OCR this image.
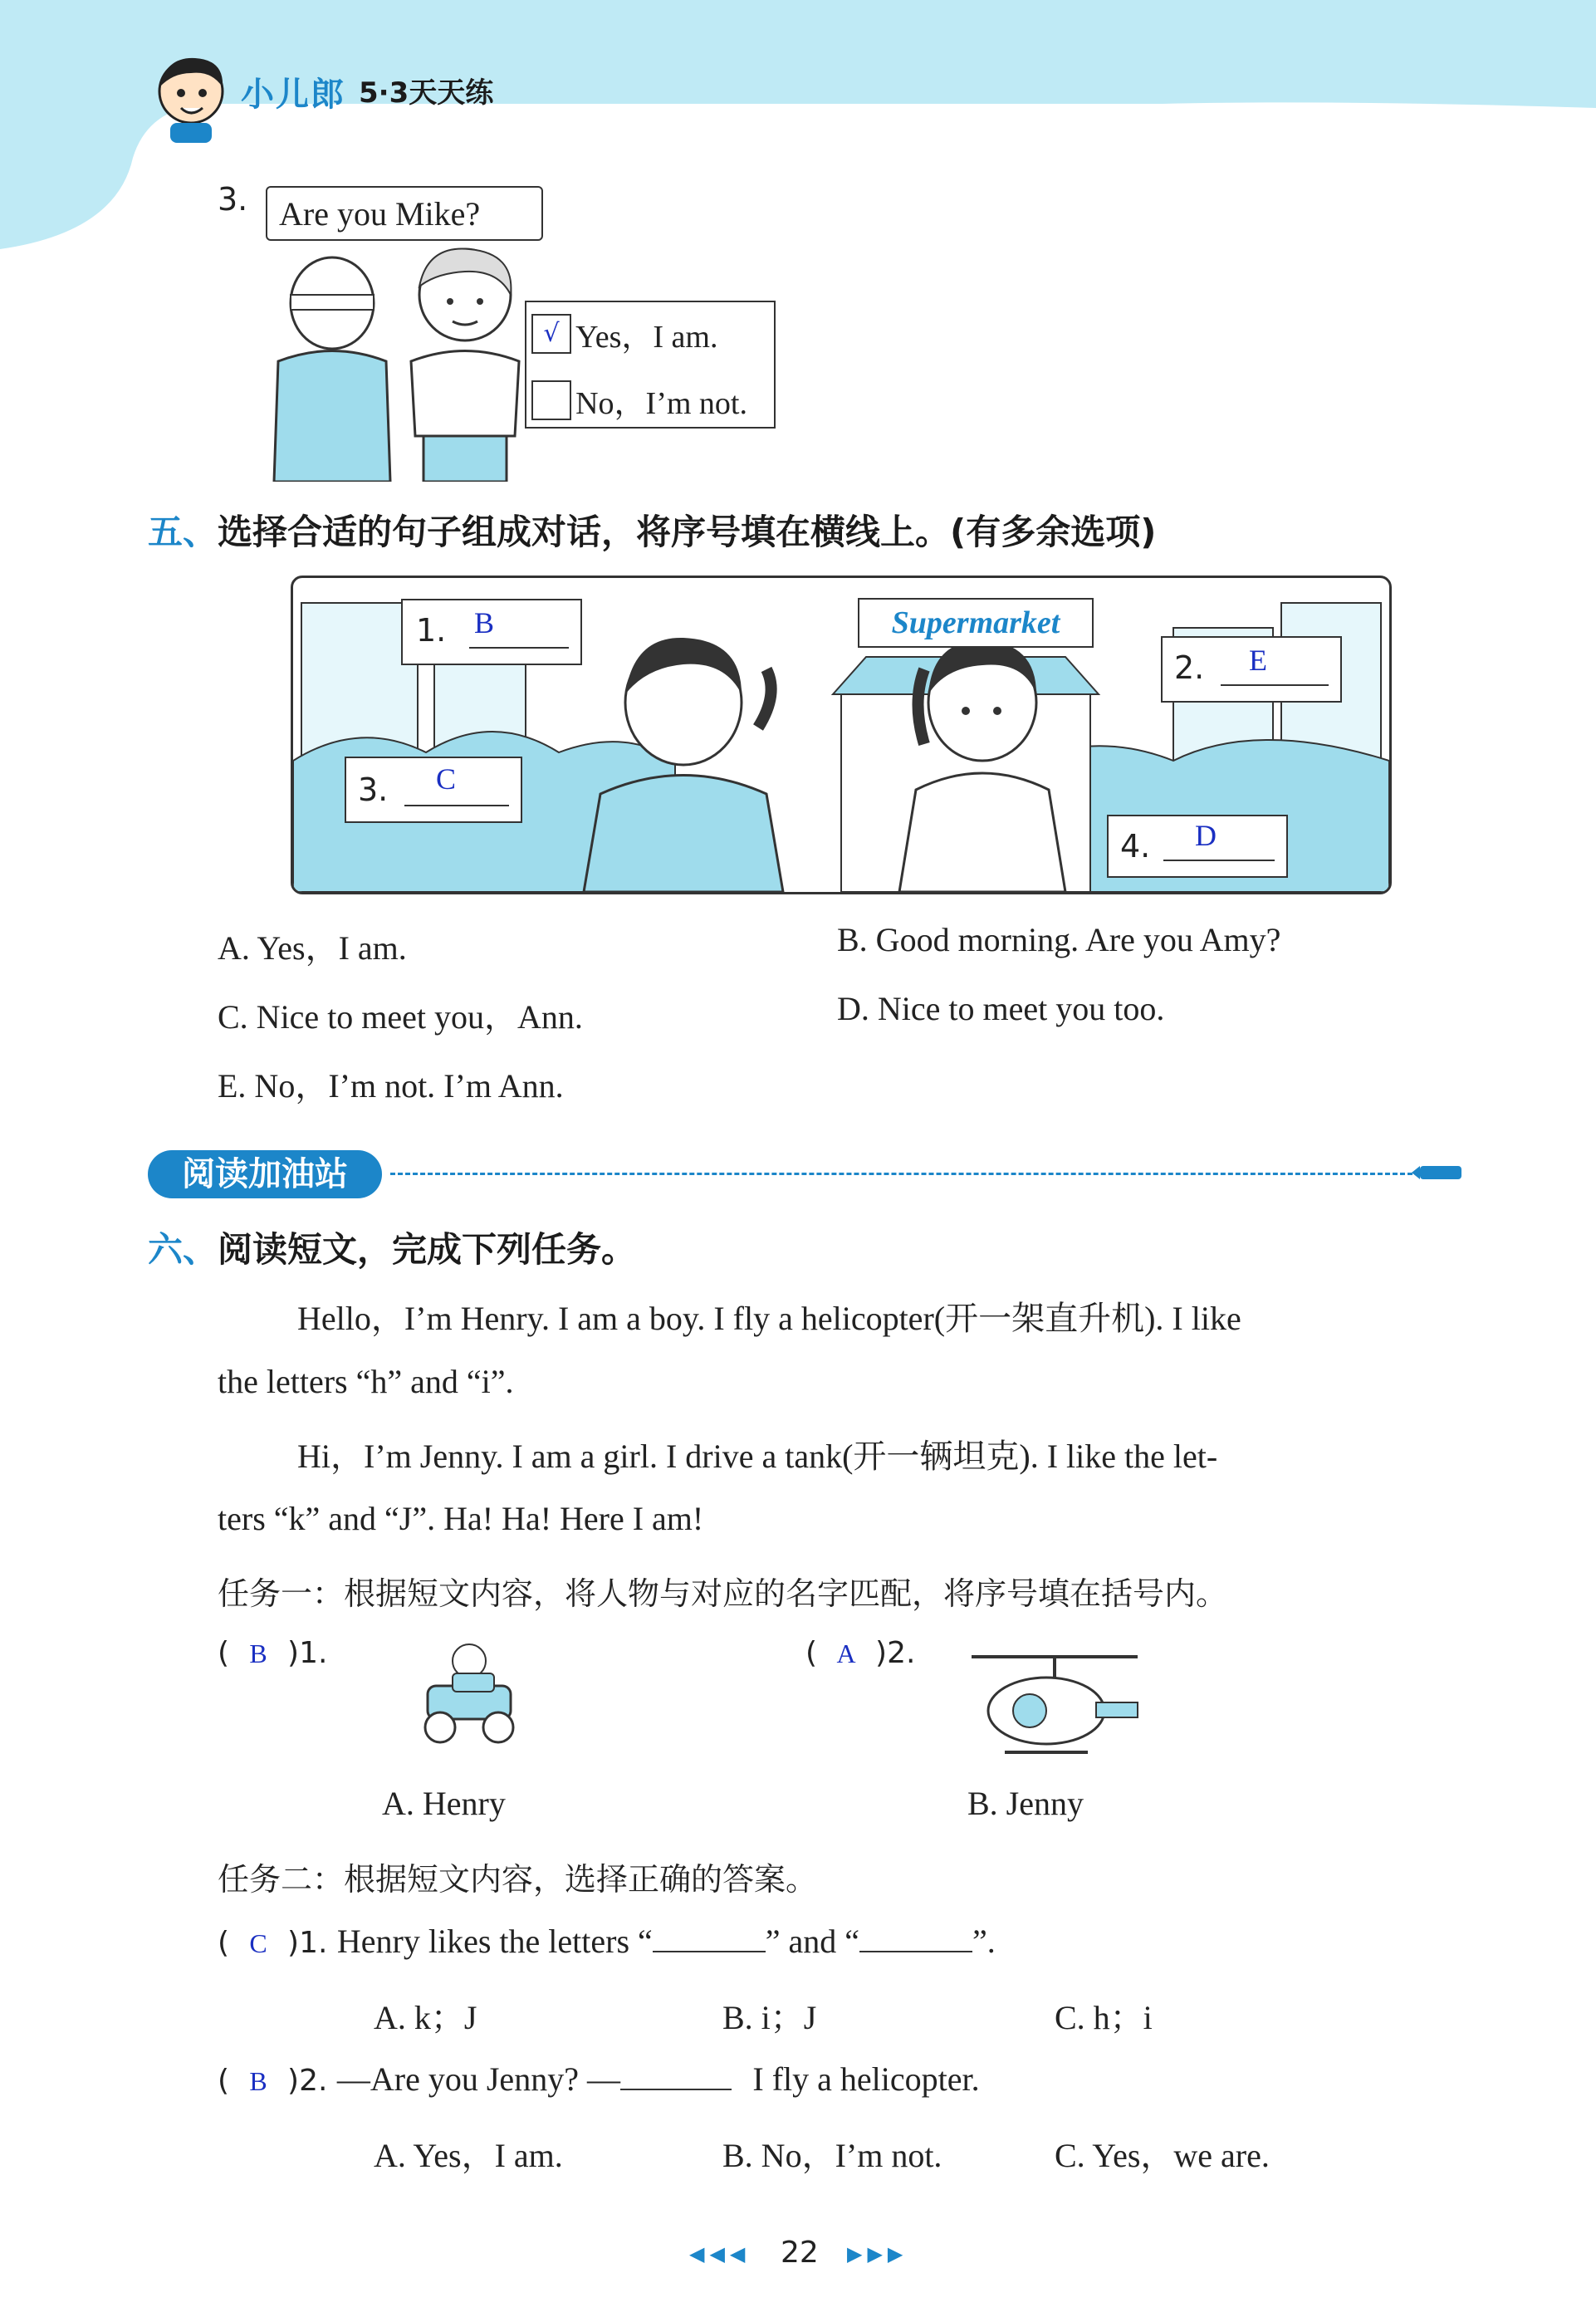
小儿郎 5·3天天练
3. Are you Mike?
√ Yes，I am.
No，I’m not.
五、选择合适的句子组成对话，将序号填在横线上。(有多余选项)
Supermarket
1. B
2. E
3. C
4. D
A. Yes，I am.	B. Good morning. Are you Amy?
C. Nice to meet you，Ann.	D. Nice to meet you too.
E. No，I’m not. I’m Ann.
阅读加油站
六、阅读短文，完成下列任务。
Hello，I’m Henry. I am a boy. I fly a helicopter(开一架直升机). I like
the letters “h” and “i”.
Hi，I’m Jenny. I am a girl. I drive a tank(开一辆坦克). I like the let-
ters “k” and “J”. Ha! Ha! Here I am!
任务一：根据短文内容，将人物与对应的名字匹配，将序号填在括号内。
( B )1.	( A )2.
A. Henry	B. Jenny
任务二：根据短文内容，选择正确的答案。
( C )1. Henry likes the letters “	” and “	”.
A. k；J	B. i；J	C. h；i
( B )2. —Are you Jenny? —	I fly a helicopter.
A. Yes，I am.	B. No，I’m not.	C. Yes，we are.
◀◀◀ 22 ▶▶▶
